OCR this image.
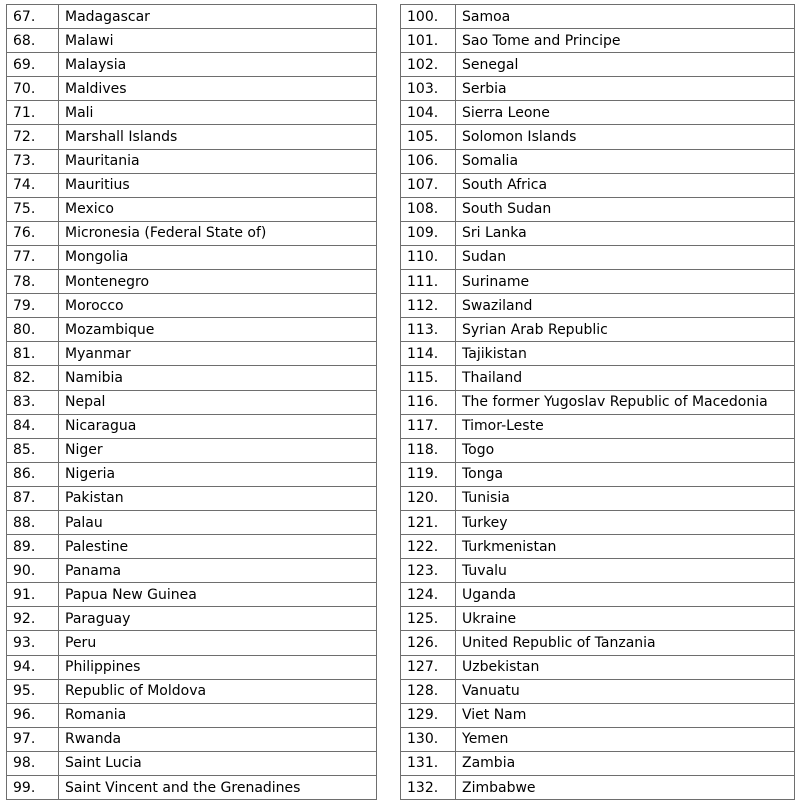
67.	Madagascar
68.	Malawi
69.	Malaysia
70.	Maldives
71.	Mali
72.	Marshall Islands
73.	Mauritania
74.	Mauritius
75.	Mexico
76.	Micronesia (Federal State of)
77.	Mongolia
78.	Montenegro
79.	Morocco
80.	Mozambique
81.	Myanmar
82.	Namibia
83.	Nepal
84.	Nicaragua
85.	Niger
86.	Nigeria
87.	Pakistan
88.	Palau
89.	Palestine
90.	Panama
91.	Papua New Guinea
92.	Paraguay
93.	Peru
94.	Philippines
95.	Republic of Moldova
96.	Romania
97.	Rwanda
98.	Saint Lucia
99.	Saint Vincent and the Grenadines
100.	Samoa
101.	Sao Tome and Principe
102.	Senegal
103.	Serbia
104.	Sierra Leone
105.	Solomon Islands
106.	Somalia
107.	South Africa
108.	South Sudan
109.	Sri Lanka
110.	Sudan
111.	Suriname
112.	Swaziland
113.	Syrian Arab Republic
114.	Tajikistan
115.	Thailand
116.	The former Yugoslav Republic of Macedonia
117.	Timor-Leste
118.	Togo
119.	Tonga
120.	Tunisia
121.	Turkey
122.	Turkmenistan
123.	Tuvalu
124.	Uganda
125.	Ukraine
126.	United Republic of Tanzania
127.	Uzbekistan
128.	Vanuatu
129.	Viet Nam
130.	Yemen
131.	Zambia
132.	Zimbabwe
